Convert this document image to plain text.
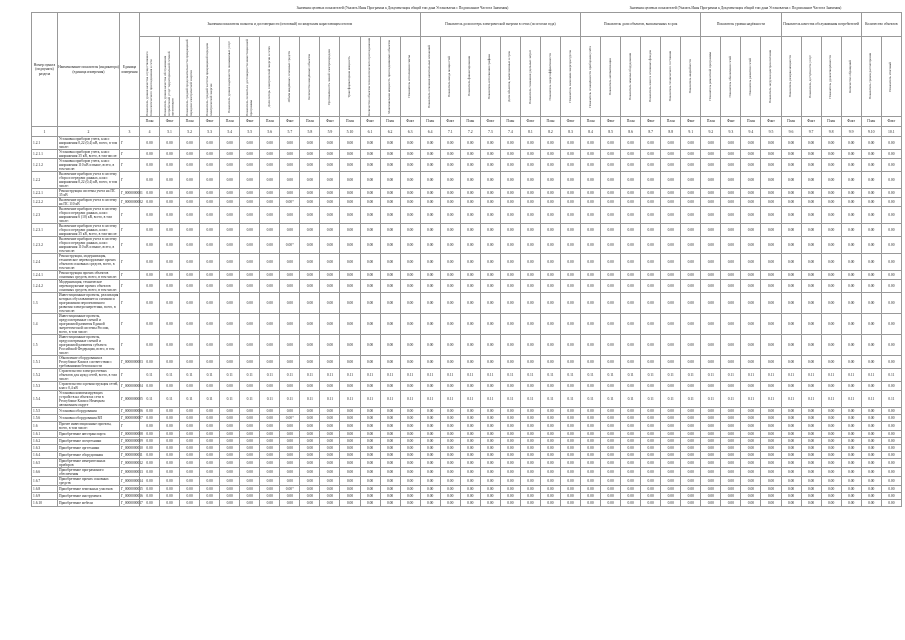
Значения целевых показателей (Указать Иная Программа к Документация общий тип дана Установлена с Подписанное Частота Значения)	Значения целевых показателей (Указать Иная Программа к Документация общий тип дана Установлена с Подписанное Частота Значения)
Номер пункта (подпункта) раздела	Наименование показателя (индикатора) (единица измерения)	Единица измерения	Значения показателя полноты и достоверности (итоговый) по кварталам нарастающим итогом														Показатель доли потерь электрической энергии в сетях (по итогам года)								Показатель доли объектов, выполненных в срок						Показатель уровня надёжности				Показатель качества обслуживания потребителей				Количество объектов	

			Показатель уровня качества осуществляемого технологического присоединения к сети	Показатель уровня качества обслуживания потребителей услуг территориальной сетевой организации	Показатель средней продолжительности прекращений передачи электрической энергии	Показатель средней частоты прекращений передачи электрической энергии	Показатель уровня надёжности оказываемых услуг	Показатель полноты и достоверности инвестиционной программы	Доля потерь электрической энергии в сетях	Объём введённых основных средств	Количество введённых объектов	Протяжённость линий электропередачи	Трансформаторная мощность	Количество объектов технологического присоединения	Максимальная мощность присоединяемых объектов	Показатель исполнения сметы	Показатель освоения капитальных вложений	Показатель ввода мощностей	Показатель финансирования	Показатель исполнения графика	Доля объектов, выполненных в срок	Показатель снижения удельных затрат	Показатель энергоэффективности	Показатель экономии энергоресурсов	Показатель оснащённости приборами учёта	Показатель автоматизации	Показатель замены оборудования	Показатель износа основных фондов	Показатель технического состояния	Показатель аварийности	Показатель ремонтной программы	Показатель обновления сетей	Показатель развития сетей	Показатель загрузки центров питания	Показатель резерва мощности	Показатель доступности услуг	Показатель удовлетворённости	Количество обращений	Показатель сроков рассмотрения	Показатель итоговый

			План	Факт	План	Факт	План	Факт	План	Факт	План	Факт	План	Факт	План	Факт	План	Факт	План	Факт	План	Факт	План	Факт	План	Факт	План	Факт	План	Факт	План	Факт	План	Факт	План	Факт	План	Факт	План	Факт
1	2	3	4	5.1	5.2	5.3	5.4	5.5	5.6	5.7	5.8	5.9	5.10	6.1	6.2	6.3	6.4	7.1	7.2	7.3	7.4	8.1	8.2	8.3	8.4	8.5	8.6	8.7	8.8	9.1	9.2	9.3	9.4	9.5	9.6	9.7	9.8	9.9	9.10	10.1
1.2.1	Установка приборов учета, класс напряжения 0,22 (0,4) кВ, всего, в том числе:	Г	0.00	0.00	0.00	0.00	0.00	0.00	0.00	0.00	0.00	0.00	0.00	0.00	0.00	0.00	0.00	0.00	0.00	0.00	0.00	0.00	0.00	0.00	0.00	0.00	0.00	0.00	0.00	0.00	0.00	0.00	0.00	0.00	0.00	0.00	0.00	0.00	0.00	0.00
1.2.1.1	Установка приборов учета, класс напряжения 35 кВ, всего, в том числе:	Г	0.00	0.00	0.00	0.00	0.00	0.00	0.00	0.00	0.00	0.00	0.00	0.00	0.00	0.00	0.00	0.00	0.00	0.00	0.00	0.00	0.00	0.00	0.00	0.00	0.00	0.00	0.00	0.00	0.00	0.00	0.00	0.00	0.00	0.00	0.00	0.00	0.00	0.00
1.2.1.2	Установка приборов учета, класс напряжения 110 кВ и выше, всего, в том числе:	Г	0.00	0.00	0.00	0.00	0.00	0.00	0.00	0.00	0.00	0.00	0.00	0.00	0.00	0.00	0.00	0.00	0.00	0.00	0.00	0.00	0.00	0.00	0.00	0.00	0.00	0.00	0.00	0.00	0.00	0.00	0.00	0.00	0.00	0.00	0.00	0.00	0.00	0.00
1.2.2	Включение приборов учета в систему сбора и передачи данных, класс напряжения 0,22 (0,4) кВ, всего, в том числе:	Г	0.00	0.00	0.00	0.00	0.00	0.00	0.00	0.00	0.00	0.00	0.00	0.00	0.00	0.00	0.00	0.00	0.00	0.00	0.00	0.00	0.00	0.00	0.00	0.00	0.00	0.00	0.00	0.00	0.00	0.00	0.00	0.00	0.00	0.00	0.00	0.00	0.00	0.00
1.2.2.1	Реконструкция системы учета на ПС 35 кВ	Г_0000000001	0.00	0.00	0.00	0.00	0.00	0.00	0.00	0.00	0.00	0.00	0.00	0.00	0.00	0.00	0.00	0.00	0.00	0.00	0.00	0.00	0.00	0.00	0.00	0.00	0.00	0.00	0.00	0.00	0.00	0.00	0.00	0.00	0.00	0.00	0.00	0.00	0.00	0.00
1.2.2.2	Включение приборов учета в систему на ПС 110 кВ	Г_0000000002	0.00	0.00	0.00	0.00	0.00	0.00	0.00	0.00*	0.00	0.00	0.00	0.00	0.00	0.00	0.00	0.00	0.00	0.00	0.00	0.00	0.00	0.00	0.00	0.00	0.00	0.00	0.00	0.00	0.00	0.00	0.00	0.00	0.00	0.00	0.00	0.00	0.00	0.00
1.2.3	Включение приборов учета в систему сбора и передачи данных, класс напряжения 6 (10) кВ, всего, в том числе:	Г	0.00	0.00	0.00	0.00	0.00	0.00	0.00	0.00	0.00	0.00	0.00	0.00	0.00	0.00	0.00	0.00	0.00	0.00	0.00	0.00	0.00	0.00	0.00	0.00	0.00	0.00	0.00	0.00	0.00	0.00	0.00	0.00	0.00	0.00	0.00	0.00	0.00	0.00
1.2.3.1	Включение приборов учета в систему сбора и передачи данных, класс напряжения 35 кВ, всего, в том числе:	Г	0.00	0.00	0.00	0.00	0.00	0.00	0.00	0.00	0.00	0.00	0.00	0.00	0.00	0.00	0.00	0.00	0.00	0.00	0.00	0.00	0.00	0.00	0.00	0.00	0.00	0.00	0.00	0.00	0.00	0.00	0.00	0.00	0.00	0.00	0.00	0.00	0.00	0.00
1.2.3.2	Включение приборов учета в систему сбора и передачи данных, класс напряжения 110 кВ и выше, всего, в том числе:	Г	0.00	0.00	0.00	0.00	0.00	0.00	0.00	0.00*	0.00	0.00	0.00	0.00	0.00	0.00	0.00	0.00	0.00	0.00	0.00	0.00	0.00	0.00	0.00	0.00	0.00	0.00	0.00	0.00	0.00	0.00	0.00	0.00	0.00	0.00	0.00	0.00	0.00	0.00
1.2.4	Реконструкция, модернизация, техническое перевооружение прочих объектов основных средств, всего, в том числе:	Г	0.00	0.00	0.00	0.00	0.00	0.00	0.00	0.00	0.00	0.00	0.00	0.00	0.00	0.00	0.00	0.00	0.00	0.00	0.00	0.00	0.00	0.00	0.00	0.00	0.00	0.00	0.00	0.00	0.00	0.00	0.00	0.00	0.00	0.00	0.00	0.00	0.00	0.00
1.2.4.1	Реконструкция прочих объектов основных средств, всего, в том числе:	Г	0.00	0.00	0.00	0.00	0.00	0.00	0.00	0.00	0.00	0.00	0.00	0.00	0.00	0.00	0.00	0.00	0.00	0.00	0.00	0.00	0.00	0.00	0.00	0.00	0.00	0.00	0.00	0.00	0.00	0.00	0.00	0.00	0.00	0.00	0.00	0.00	0.00	0.00
1.2.4.2	Модернизация, техническое перевооружение прочих объектов основных средств, всего, в том числе:	Г	0.00	0.00	0.00	0.00	0.00	0.00	0.00	0.00	0.00	0.00	0.00	0.00	0.00	0.00	0.00	0.00	0.00	0.00	0.00	0.00	0.00	0.00	0.00	0.00	0.00	0.00	0.00	0.00	0.00	0.00	0.00	0.00	0.00	0.00	0.00	0.00	0.00	0.00
1.3	Инвестиционные проекты, реализация которых обуславливается схемами и программами перспективного развития электроэнергетики, всего, в том числе:	Г	0.00	0.00	0.00	0.00	0.00	0.00	0.00	0.00	0.00	0.00	0.00	0.00	0.00	0.00	0.00	0.00	0.00	0.00	0.00	0.00	0.00	0.00	0.00	0.00	0.00	0.00	0.00	0.00	0.00	0.00	0.00	0.00	0.00	0.00	0.00	0.00	0.00	0.00
1.4	Инвестиционные проекты, предусмотренные схемой и программой развития Единой энергетической системы России, всего, в том числе:	Г	0.00	0.00	0.00	0.00	0.00	0.00	0.00	0.00	0.00	0.00	0.00	0.00	0.00	0.00	0.00	0.00	0.00	0.00	0.00	0.00	0.00	0.00	0.00	0.00	0.00	0.00	0.00	0.00	0.00	0.00	0.00	0.00	0.00	0.00	0.00	0.00	0.00	0.00
1.5	Инвестиционные проекты, предусмотренные схемой и программой развития субъекта Российской Федерации, всего, в том числе:	Г	0.00	0.00	0.00	0.00	0.00	0.00	0.00	0.00	0.00	0.00	0.00	0.00	0.00	0.00	0.00	0.00	0.00	0.00	0.00	0.00	0.00	0.00	0.00	0.00	0.00	0.00	0.00	0.00	0.00	0.00	0.00	0.00	0.00	0.00	0.00	0.00	0.00	0.00
1.5.1	Обновление оборудования в Республике Коми в соответствии с требованиями безопасности	Г_0000000003	0.00	0.00	0.00	0.00	0.00	0.00	0.00	0.00	0.00	0.00	0.00	0.00	0.00	0.00	0.00	0.00	0.00	0.00	0.00	0.00	0.00	0.00	0.00	0.00	0.00	0.00	0.00	0.00	0.00	0.00	0.00	0.00	0.00	0.00	0.00	0.00	0.00	0.00
1.5.2	Строительство электросетевых объектов для нужд сетей, всего, в том числе:	Г	0.11	0.11	0.11	0.11	0.11	0.11	0.11	0.11	0.11	0.11	0.11	0.11	0.11	0.11	0.11	0.11	0.11	0.11	0.11	0.11	0.11	0.11	0.11	0.11	0.11	0.11	0.11	0.11	0.11	0.11	0.11	0.11	0.11	0.11	0.11	0.11	0.11	0.11
1.5.3	Строительство и реконструкция сетей, класс 0,4 кВ	Г_0000000004	0.00	0.00	0.00	0.00	0.00	0.00	0.00	0.00	0.00	0.00	0.00	0.00	0.00	0.00	0.00	0.00	0.00	0.00	0.00	0.00	0.00	0.00	0.00	0.00	0.00	0.00	0.00	0.00	0.00	0.00	0.00	0.00	0.00	0.00	0.00	0.00	0.00	0.00
1.5.4	Установка компенсирующих устройств на объектах сети в Республике Коми и Ненецком автономном округе	Г_0000000005	0.11	0.11	0.11	0.11	0.11	0.11	0.11	0.11	0.11	0.11	0.11	0.11	0.11	0.11	0.11	0.11	0.11	0.11	0.11	0.11	0.11	0.11	0.11	0.11	0.11	0.11	0.11	0.11	0.11	0.11	0.11	0.11	0.11	0.11	0.11	0.11	0.11	0.11
1.5.5	Установка оборудования	Г_0000000006	0.00	0.00	0.00	0.00	0.00	0.00	0.00	0.00	0.00	0.00	0.00	0.00	0.00	0.00	0.00	0.00	0.00	0.00	0.00	0.00	0.00	0.00	0.00	0.00	0.00	0.00	0.00	0.00	0.00	0.00	0.00	0.00	0.00	0.00	0.00	0.00	0.00	0.00
1.5.6	Установка оборудования ВЛ	Г_0000000007	0.00	0.00	0.00	0.00	0.00	0.00	0.00	0.00*	0.00	0.00	0.00	0.00	0.00	0.00	0.00	0.00	0.00	0.00	0.00	0.00	0.00	0.00	0.00	0.00	0.00	0.00	0.00	0.00	0.00	0.00	0.00	0.00	0.00	0.00	0.00	0.00	0.00	0.00
1.6	Прочее инвестиционные проекты, всего, в том числе:	Г	0.00	0.00	0.00	0.00	0.00	0.00	0.00	0.00	0.00	0.00	0.00	0.00	0.00	0.00	0.00	0.00	0.00	0.00	0.00	0.00	0.00	0.00	0.00	0.00	0.00	0.00	0.00	0.00	0.00	0.00	0.00	0.00	0.00	0.00	0.00	0.00	0.00	0.00
1.6.1	Приобретение автотранспорта	Г_0000000008	0.00	0.00	0.00	0.00	0.00	0.00	0.00	0.00	0.00	0.00	0.00	0.00	0.00	0.00	0.00	0.00	0.00	0.00	0.00	0.00	0.00	0.00	0.00	0.00	0.00	0.00	0.00	0.00	0.00	0.00	0.00	0.00	0.00	0.00	0.00	0.00	0.00	0.00
1.6.2	Приобретение спецтехники	Г_0000000009	0.00	0.00	0.00	0.00	0.00	0.00	0.00	0.00	0.00	0.00	0.00	0.00	0.00	0.00	0.00	0.00	0.00	0.00	0.00	0.00	0.00	0.00	0.00	0.00	0.00	0.00	0.00	0.00	0.00	0.00	0.00	0.00	0.00	0.00	0.00	0.00	0.00	0.00
1.6.3	Приобретение оргтехники	Г_0000000010	0.00	0.00	0.00	0.00	0.00	0.00	0.00	0.00	0.00	0.00	0.00	0.00	0.00	0.00	0.00	0.00	0.00	0.00	0.00	0.00	0.00	0.00	0.00	0.00	0.00	0.00	0.00	0.00	0.00	0.00	0.00	0.00	0.00	0.00	0.00	0.00	0.00	0.00
1.6.4	Приобретение оборудования	Г_0000000011	0.00	0.00	0.00	0.00	0.00	0.00	0.00	0.00	0.00	0.00	0.00	0.00	0.00	0.00	0.00	0.00	0.00	0.00	0.00	0.00	0.00	0.00	0.00	0.00	0.00	0.00	0.00	0.00	0.00	0.00	0.00	0.00	0.00	0.00	0.00	0.00	0.00	0.00
1.6.5	Приобретение измерительных приборов	Г_0000000012	0.00	0.00	0.00	0.00	0.00	0.00	0.00	0.00	0.00	0.00	0.00	0.00	0.00	0.00	0.00	0.00	0.00	0.00	0.00	0.00	0.00	0.00	0.00	0.00	0.00	0.00	0.00	0.00	0.00	0.00	0.00	0.00	0.00	0.00	0.00	0.00	0.00	0.00
1.6.6	Приобретение программного обеспечения	Г_0000000013	0.00	0.00	0.00	0.00	0.00	0.00	0.00	0.00	0.00	0.00	0.00	0.00	0.00	0.00	0.00	0.00	0.00	0.00	0.00	0.00	0.00	0.00	0.00	0.00	0.00	0.00	0.00	0.00	0.00	0.00	0.00	0.00	0.00	0.00	0.00	0.00	0.00	0.00
1.6.7	Приобретение прочих основных средств	Г_0000000014	0.00	0.00	0.00	0.00	0.00	0.00	0.00	0.00	0.00	0.00	0.00	0.00	0.00	0.00	0.00	0.00	0.00	0.00	0.00	0.00	0.00	0.00	0.00	0.00	0.00	0.00	0.00	0.00	0.00	0.00	0.00	0.00	0.00	0.00	0.00	0.00	0.00	0.00
1.6.8	Приобретение земельных участков	Г_0000000015	0.00	0.00	0.00	0.00	0.00	0.00	0.00	0.00*	0.00	0.00	0.00	0.00	0.00	0.00	0.00	0.00	0.00	0.00	0.00	0.00	0.00	0.00	0.00	0.00	0.00	0.00	0.00	0.00	0.00	0.00	0.00	0.00	0.00	0.00	0.00	0.00	0.00	0.00
1.6.9	Приобретение инструмента	Г_0000000016	0.00	0.00	0.00	0.00	0.00	0.00	0.00	0.00	0.00	0.00	0.00	0.00	0.00	0.00	0.00	0.00	0.00	0.00	0.00	0.00	0.00	0.00	0.00	0.00	0.00	0.00	0.00	0.00	0.00	0.00	0.00	0.00	0.00	0.00	0.00	0.00	0.00	0.00
1.6.10	Приобретение мебели	Г_0000000017	0.00	0.00	0.00	0.00	0.00	0.00	0.00	0.00	0.00	0.00	0.00	0.00	0.00	0.00	0.00	0.00	0.00	0.00	0.00	0.00	0.00	0.00	0.00	0.00	0.00	0.00	0.00	0.00	0.00	0.00	0.00	0.00	0.00	0.00	0.00	0.00	0.00	0.00
